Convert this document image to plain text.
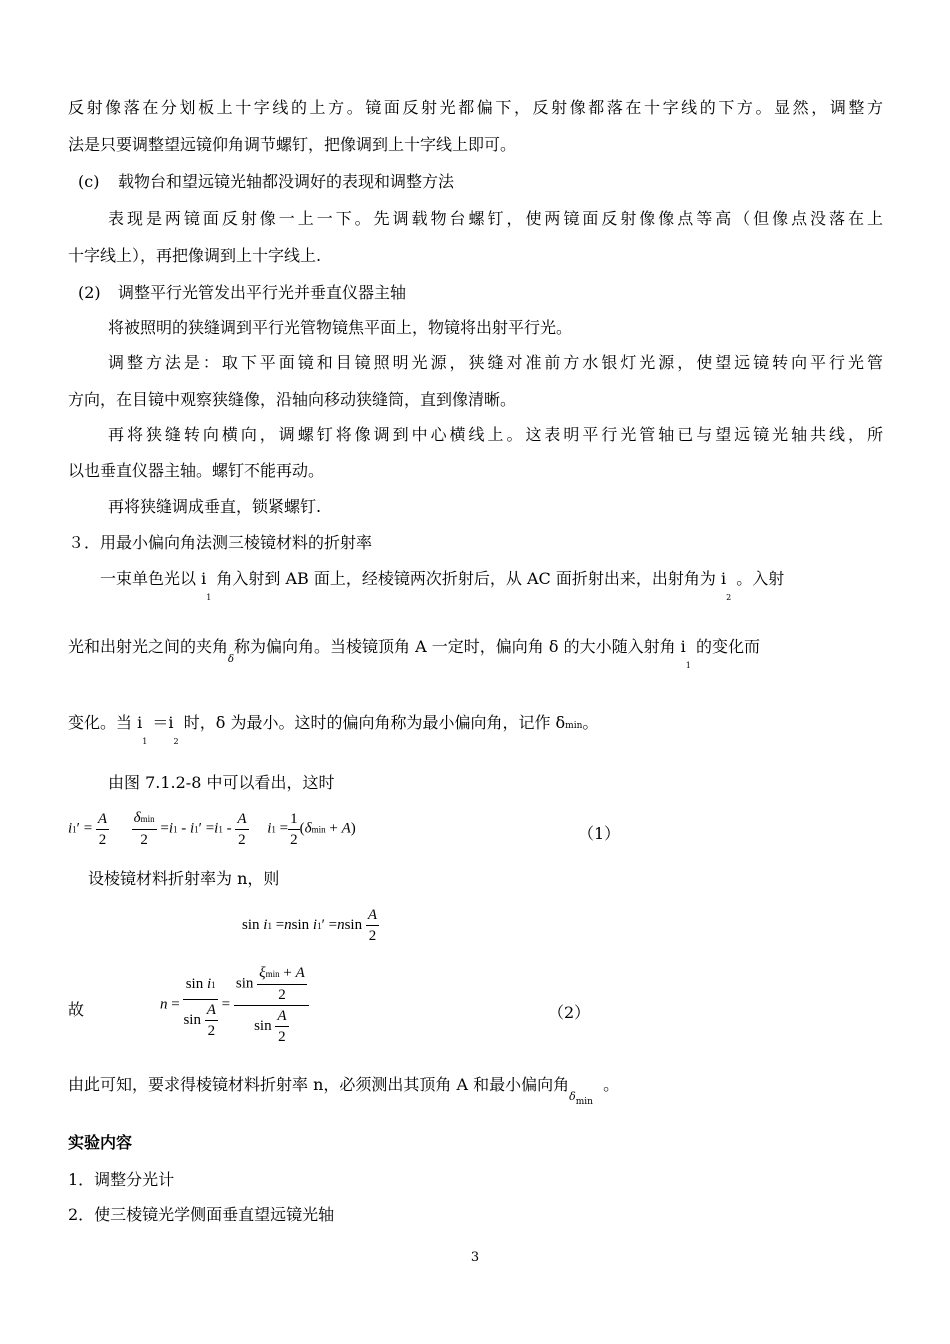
反射像落在分划板上十字线的上方。镜面反射光都偏下，反射像都落在十字线的下方。显然，调整方
法是只要调整望远镜仰角调节螺钉，把像调到上十字线上即可。
(c) 载物台和望远镜光轴都没调好的表现和调整方法
表现是两镜面反射像一上一下。先调载物台螺钉，使两镜面反射像像点等高（但像点没落在上
十字线上），再把像调到上十字线上.
(2) 调整平行光管发出平行光并垂直仪器主轴
将被照明的狭缝调到平行光管物镜焦平面上，物镜将出射平行光。
调整方法是：取下平面镜和目镜照明光源，狭缝对准前方水银灯光源，使望远镜转向平行光管
方向，在目镜中观察狭缝像，沿轴向移动狭缝筒，直到像清晰。
再将狭缝转向横向，调螺钉将像调到中心横线上。这表明平行光管轴已与望远镜光轴共线，所
以也垂直仪器主轴。螺钉不能再动。
再将狭缝调成垂直，锁紧螺钉.
３．用最小偏向角法测三棱镜材料的折射率
一束单色光以 $i_1$ 角入射到 AB 面上，经棱镜两次折射后，从 AC 面折射出来，出射角为 $i_2$ 。入射
光和出射光之间的夹角$_\delta$称为偏向角。当棱镜顶角 A 一定时，偏向角 δ 的大小随入射角 $i_1$ 的变化而
变化。当 $i_1 =i_2$ 时，δ 为最小。这时的偏向角称为最小偏向角，记作 δmin。
由图 7.1.2-8 中可以看出，这时
$i1' = \frac{A}{2}$
$\frac{\delta\min}{2} =i1 - i1' =i1 - \frac{A}{2} i1 = \frac{1}{2} (\delta\min + A)$	（1）
设棱镜材料折射率为 n，则
sin i1 =nsin $i1' =nsin \frac{A}{2}$
故	$n = \frac{\text{sin i1}}{\sin \frac{A}{2}} = \frac{\sin \frac{\xi\min + A}{2}}{\sin \frac{A}{2}}$	（2）
由此可知，要求得棱镜材料折射率 n，必须测出其顶角 A 和最小偏向角$_{\delta min}$  。
实验内容
1．调整分光计
2．使三棱镜光学侧面垂直望远镜光轴
3
